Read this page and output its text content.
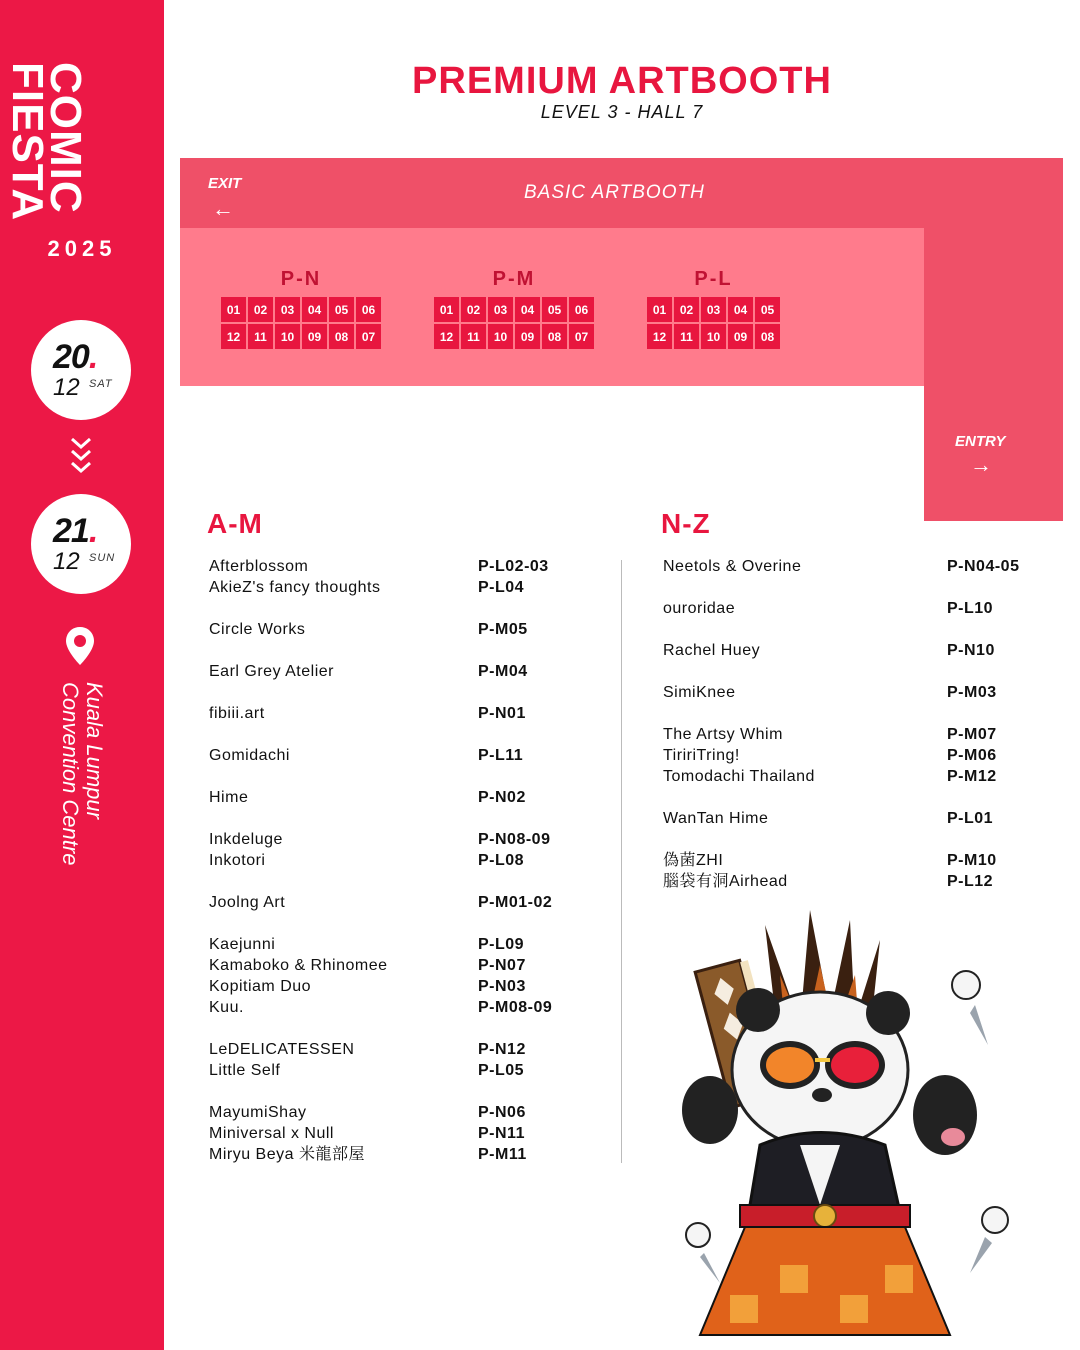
COMIC
FIESTA
2025
20.
12 SAT
21.
12 SUN
Kuala Lumpur
Convention Centre
PREMIUM ARTBOOTH
LEVEL 3 - HALL 7
EXIT
←
BASIC ARTBOOTH
ENTRY
→
P-N
01	02	03	04	05	06
12	11	10	09	08	07
P-M
01	02	03	04	05	06
12	11	10	09	08	07
P-L
01	02	03	04	05
12	11	10	09	08
A-M	N-Z
Afterblossom	P-L02-03
AkieZ's fancy thoughts	P-L04
Circle Works	P-M05
Earl Grey Atelier	P-M04
fibiii.art	P-N01
Gomidachi	P-L11
Hime	P-N02
Inkdeluge	P-N08-09
Inkotori	P-L08
Joolng Art	P-M01-02
Kaejunni	P-L09
Kamaboko & Rhinomee	P-N07
Kopitiam Duo	P-N03
Kuu.	P-M08-09
LeDELICATESSEN	P-N12
Little Self	P-L05
MayumiShay	P-N06
Miniversal x Null	P-N11
Miryu Beya 米龍部屋	P-M11
Neetols & Overine	P-N04-05
ouroridae	P-L10
Rachel Huey	P-N10
SimiKnee	P-M03
The Artsy Whim	P-M07
TiririTring!	P-M06
Tomodachi Thailand	P-M12
WanTan Hime	P-L01
偽菌ZHI	P-M10
腦袋有洞Airhead	P-L12
